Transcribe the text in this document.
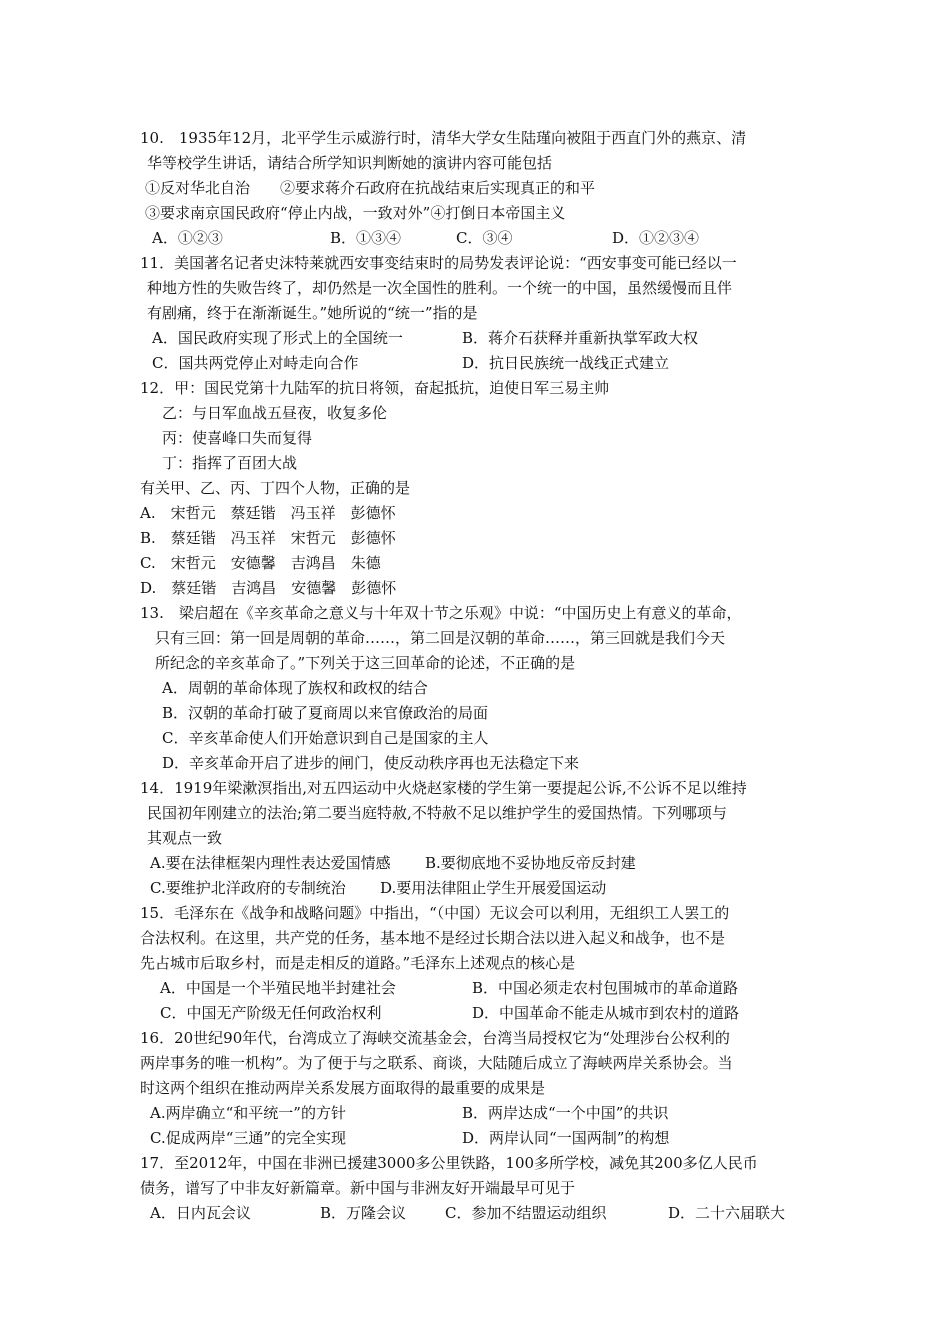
10.　1935年12月，北平学生示威游行时，清华大学女生陆瑾向被阻于西直门外的燕京、清
华等校学生讲话，请结合所学知识判断她的演讲内容可能包括
①反对华北自治　　②要求蒋介石政府在抗战结束后实现真正的和平
③要求南京国民政府“停止内战，一致对外”④打倒日本帝国主义
A．①②③	B．①③④	C．③④	D．①②③④
11．美国著名记者史沫特莱就西安事变结束时的局势发表评论说：“西安事变可能已经以一
种地方性的失败告终了，却仍然是一次全国性的胜利。一个统一的中国，虽然缓慢而且伴
有剧痛，终于在渐渐诞生。”她所说的“统一”指的是
A．国民政府实现了形式上的全国统一	B．蒋介石获释并重新执掌军政大权
C．国共两党停止对峙走向合作	D．抗日民族统一战线正式建立
12．甲：国民党第十九陆军的抗日将领，奋起抵抗，迫使日军三易主帅
乙：与日军血战五昼夜，收复多伦
丙：使喜峰口失而复得
丁：指挥了百团大战
有关甲、乙、丙、丁四个人物，正确的是
A.　宋哲元　蔡廷锴　冯玉祥　彭德怀
B.　蔡廷锴　冯玉祥　宋哲元　彭德怀
C.　宋哲元　安德馨　吉鸿昌　朱德
D.　蔡廷锴　吉鸿昌　安德馨　彭德怀
13.　梁启超在《辛亥革命之意义与十年双十节之乐观》中说：“中国历史上有意义的革命，
只有三回：第一回是周朝的革命……，第二回是汉朝的革命……，第三回就是我们今天
所纪念的辛亥革命了。”下列关于这三回革命的论述，不正确的是
A．周朝的革命体现了族权和政权的结合
B．汉朝的革命打破了夏商周以来官僚政治的局面
C．辛亥革命使人们开始意识到自己是国家的主人
D．辛亥革命开启了进步的闸门，使反动秩序再也无法稳定下来
14．1919年梁漱溟指出,对五四运动中火烧赵家楼的学生第一要提起公诉,不公诉不足以维持
民国初年刚建立的法治;第二要当庭特赦,不特赦不足以维护学生的爱国热情。下列哪项与
其观点一致
A.要在法律框架内理性表达爱国情感 B.要彻底地不妥协地反帝反封建
C.要维护北洋政府的专制统治 D.要用法律阻止学生开展爱国运动
15．毛泽东在《战争和战略问题》中指出，“（中国）无议会可以利用，无组织工人罢工的
合法权利。在这里，共产党的任务，基本地不是经过长期合法以进入起义和战争，也不是
先占城市后取乡村，而是走相反的道路。”毛泽东上述观点的核心是
A．中国是一个半殖民地半封建社会	B．中国必须走农村包围城市的革命道路
C．中国无产阶级无任何政治权利	D．中国革命不能走从城市到农村的道路
16．20世纪90年代，台湾成立了海峡交流基金会，台湾当局授权它为“处理涉台公权利的
两岸事务的唯一机构”。为了便于与之联系、商谈，大陆随后成立了海峡两岸关系协会。当
时这两个组织在推动两岸关系发展方面取得的最重要的成果是
A.两岸确立“和平统一”的方针	B．两岸达成“一个中国”的共识
C.促成两岸“三通”的完全实现	D．两岸认同“一国两制”的构想
17．至2012年，中国在非洲已援建3000多公里铁路，100多所学校，减免其200多亿人民币
债务，谱写了中非友好新篇章。新中国与非洲友好开端最早可见于
A．日内瓦会议	B．万隆会议	C．参加不结盟运动组织	D．二十六届联大
